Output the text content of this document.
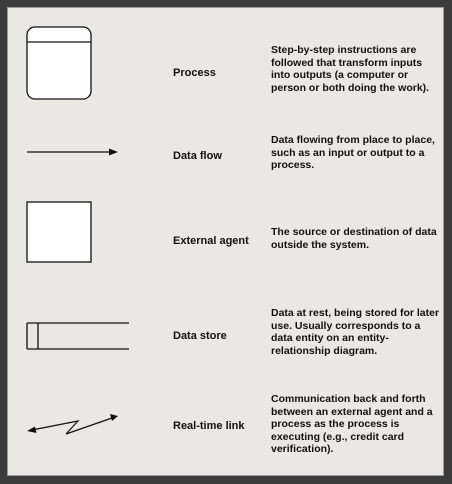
Process
Step-by-step instructions are followed that transform inputs into outputs (a computer or person or both doing the work).
Data flow
Data flowing from place to place, such as an input or output to a process.
External agent
The source or destination of data outside the system.
Data store
Data at rest, being stored for later use. Usually corresponds to a data entity on an entity-relationship diagram.
Real-time link
Communication back and forth between an external agent and a process as the process is executing (e.g., credit card verification).
